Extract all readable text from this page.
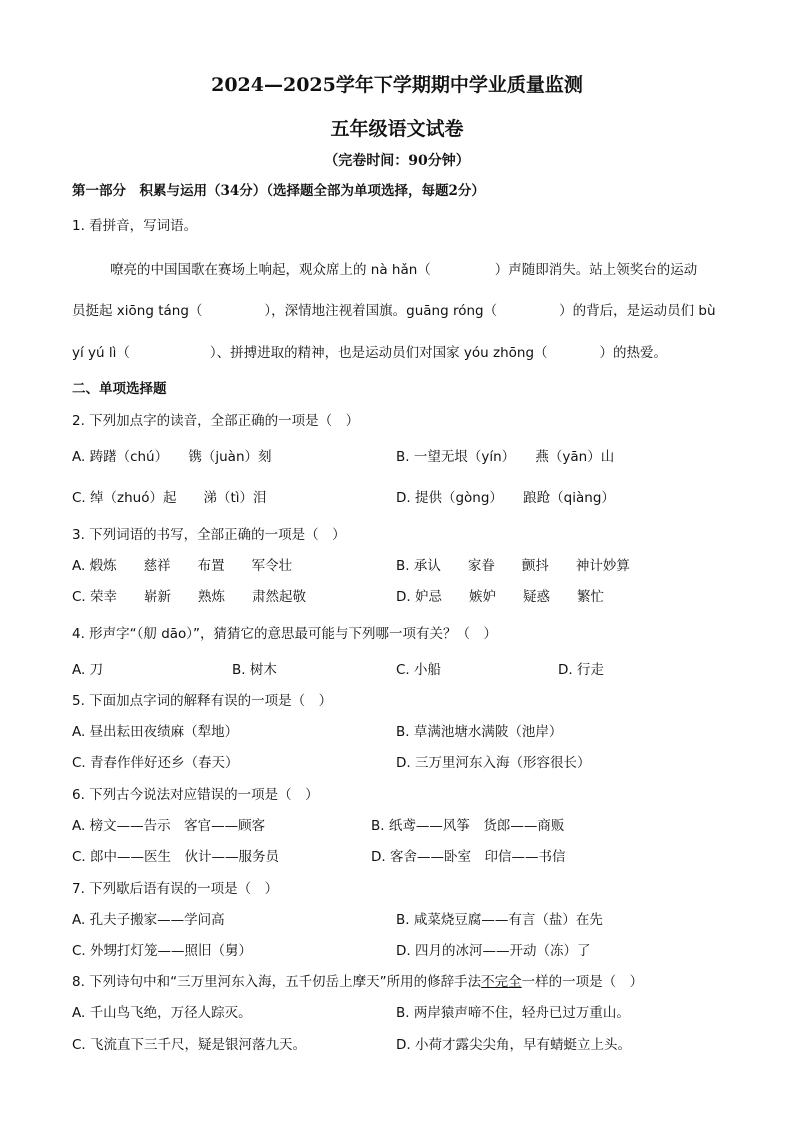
2024—2025学年下学期期中学业质量监测
五年级语文试卷
（完卷时间：90分钟）
第一部分　积累与运用（34分）（选择题全部为单项选择，每题2分）
1. 看拼音，写词语。
嘹亮的中国国歌在赛场上响起，观众席上的 nà hǎn（	）声随即消失。站上领奖台的运动
员挺起 xiōng táng（	），深情地注视着国旗。guāng róng（	）的背后，是运动员们 bù
yí yú lì（	）、拼搏进取的精神，也是运动员们对国家 yóu zhōng（	）的热爱。
二、单项选择题
2. 下列加点字的读音，全部正确的一项是（　）
A. 踌躇（chú）　　镌（juàn）刻	B. 一望无垠（yín）　　燕（yān）山
C. 绰（zhuó）起　　涕（tì）泪	D. 提供（gòng）　　踉跄（qiàng）
3. 下列词语的书写，全部正确的一项是（　）
A. 煅炼　　慈祥　　布置　　军令壮	B. 承认　　家眷　　颤抖　　神计妙算
C. 荣幸　　崭新　　熟炼　　肃然起敬	D. 妒忌　　嫉妒　　疑惑　　繁忙
4. 形声字“（舠 dāo）”，猜猜它的意思最可能与下列哪一项有关？（　）
A. 刀	B. 树木	C. 小船	D. 行走
5. 下面加点字词的解释有误的一项是（　）
A. 昼出耘田夜绩麻（犁地）	B. 草满池塘水满陂（池岸）
C. 青春作伴好还乡（春天）	D. 三万里河东入海（形容很长）
6. 下列古今说法对应错误的一项是（　）
A. 榜文——告示　客官——顾客	B. 纸鸢——风筝　货郎——商贩
C. 郎中——医生　伙计——服务员	D. 客舍——卧室　印信——书信
7. 下列歇后语有误的一项是（　）
A. 孔夫子搬家——学问高	B. 咸菜烧豆腐——有言（盐）在先
C. 外甥打灯笼——照旧（舅）	D. 四月的冰河——开动（冻）了
8. 下列诗句中和“三万里河东入海，五千仞岳上摩天”所用的修辞手法不完全一样的一项是（　）
A. 千山鸟飞绝，万径人踪灭。	B. 两岸猿声啼不住，轻舟已过万重山。
C. 飞流直下三千尺，疑是银河落九天。	D. 小荷才露尖尖角，早有蜻蜓立上头。
